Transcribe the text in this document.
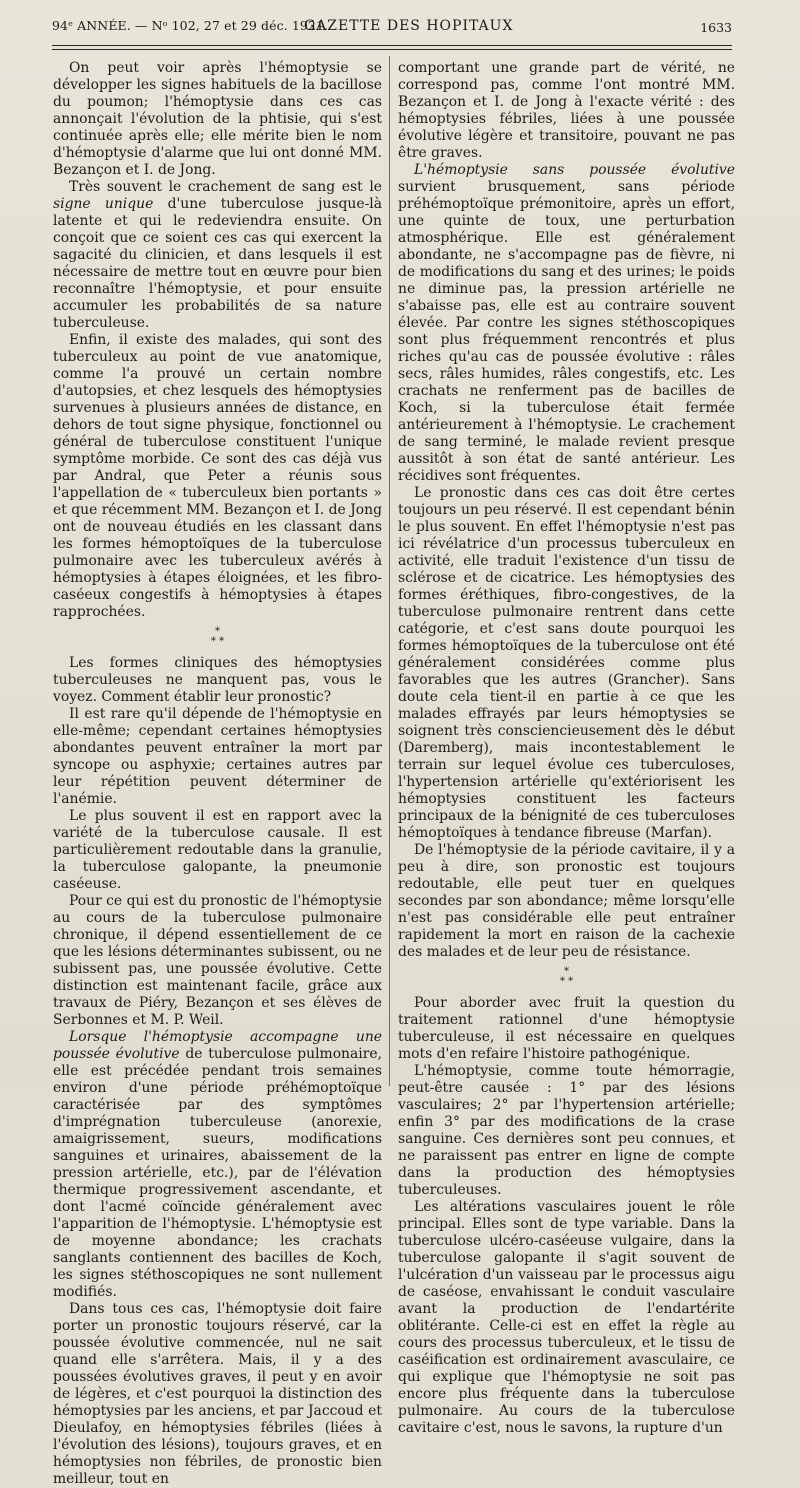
94ᵉ ANNÉE. — Nᵒ 102, 27 et 29 déc. 1921.
GAZETTE DES HOPITAUX	1633

On peut voir après l'hémoptysie se développer les signes habituels de la bacillose du poumon; l'hémoptysie dans ces cas annonçait l'évolution de la phtisie, qui s'est continuée après elle; elle mérite bien le nom d'hémoptysie d'alarme que lui ont donné MM. Bezançon et I. de Jong.

Très souvent le crachement de sang est le signe unique d'une tuberculose jusque-là latente et qui le redeviendra ensuite. On conçoit que ce soient ces cas qui exercent la sagacité du clinicien, et dans lesquels il est nécessaire de mettre tout en œuvre pour bien reconnaître l'hémoptysie, et pour ensuite accumuler les probabilités de sa nature tuberculeuse.

Enfin, il existe des malades, qui sont des tuberculeux au point de vue anatomique, comme l'a prouvé un certain nombre d'autopsies, et chez lesquels des hémoptysies survenues à plusieurs années de distance, en dehors de tout signe physique, fonctionnel ou général de tuberculose constituent l'unique symptôme morbide. Ce sont des cas déjà vus par Andral, que Peter a réunis sous l'appellation de « tuberculeux bien portants » et que récemment MM. Bezançon et I. de Jong ont de nouveau étudiés en les classant dans les formes hémoptoïques de la tuberculose pulmonaire avec les tuberculeux avérés à hémoptysies à étapes éloignées, et les fibro-caséeux congestifs à hémoptysies à étapes rapprochées.

*
* *

Les formes cliniques des hémoptysies tuberculeuses ne manquent pas, vous le voyez. Comment établir leur pronostic?

Il est rare qu'il dépende de l'hémoptysie en elle-même; cependant certaines hémoptysies abondantes peuvent entraîner la mort par syncope ou asphyxie; certaines autres par leur répétition peuvent déterminer de l'anémie.

Le plus souvent il est en rapport avec la variété de la tuberculose causale. Il est particulièrement redoutable dans la granulie, la tuberculose galopante, la pneumonie caséeuse.

Pour ce qui est du pronostic de l'hémoptysie au cours de la tuberculose pulmonaire chronique, il dépend essentiellement de ce que les lésions déterminantes subissent, ou ne subissent pas, une poussée évolutive. Cette distinction est maintenant facile, grâce aux travaux de Piéry, Bezançon et ses élèves de Serbonnes et M. P. Weil.

Lorsque l'hémoptysie accompagne une poussée évolutive de tuberculose pulmonaire, elle est précédée pendant trois semaines environ d'une période préhémoptoïque caractérisée par des symptômes d'imprégnation tuberculeuse (anorexie, amaigrissement, sueurs, modifications sanguines et urinaires, abaissement de la pression artérielle, etc.), par de l'élévation thermique progressivement ascendante, et dont l'acmé coïncide généralement avec l'apparition de l'hémoptysie. L'hémoptysie est de moyenne abondance; les crachats sanglants contiennent des bacilles de Koch, les signes stéthoscopiques ne sont nullement modifiés.

Dans tous ces cas, l'hémoptysie doit faire porter un pronostic toujours réservé, car la poussée évolutive commencée, nul ne sait quand elle s'arrêtera. Mais, il y a des poussées évolutives graves, il peut y en avoir de légères, et c'est pourquoi la distinction des hémoptysies par les anciens, et par Jaccoud et Dieulafoy, en hémoptysies fébriles (liées à l'évolution des lésions), toujours graves, et en hémoptysies non fébriles, de pronostic bien meilleur, tout en

comportant une grande part de vérité, ne correspond pas, comme l'ont montré MM. Bezançon et I. de Jong à l'exacte vérité : des hémoptysies fébriles, liées à une poussée évolutive légère et transitoire, pouvant ne pas être graves.

L'hémoptysie sans poussée évolutive survient brusquement, sans période préhémoptoïque prémonitoire, après un effort, une quinte de toux, une perturbation atmosphérique. Elle est généralement abondante, ne s'accompagne pas de fièvre, ni de modifications du sang et des urines; le poids ne diminue pas, la pression artérielle ne s'abaisse pas, elle est au contraire souvent élevée. Par contre les signes stéthoscopiques sont plus fréquemment rencontrés et plus riches qu'au cas de poussée évolutive : râles secs, râles humides, râles congestifs, etc. Les crachats ne renferment pas de bacilles de Koch, si la tuberculose était fermée antérieurement à l'hémoptysie. Le crachement de sang terminé, le malade revient presque aussitôt à son état de santé antérieur. Les récidives sont fréquentes.

Le pronostic dans ces cas doit être certes toujours un peu réservé. Il est cependant bénin le plus souvent. En effet l'hémoptysie n'est pas ici révélatrice d'un processus tuberculeux en activité, elle traduit l'existence d'un tissu de sclérose et de cicatrice. Les hémoptysies des formes éréthiques, fibro-congestives, de la tuberculose pulmonaire rentrent dans cette catégorie, et c'est sans doute pourquoi les formes hémoptoïques de la tuberculose ont été généralement considérées comme plus favorables que les autres (Grancher). Sans doute cela tient-il en partie à ce que les malades effrayés par leurs hémoptysies se soignent très consciencieusement dès le début (Daremberg), mais incontestablement le terrain sur lequel évolue ces tuberculoses, l'hypertension artérielle qu'extériorisent les hémoptysies constituent les facteurs principaux de la bénignité de ces tuberculoses hémoptoïques à tendance fibreuse (Marfan).

De l'hémoptysie de la période cavitaire, il y a peu à dire, son pronostic est toujours redoutable, elle peut tuer en quelques secondes par son abondance; même lorsqu'elle n'est pas considérable elle peut entraîner rapidement la mort en raison de la cachexie des malades et de leur peu de résistance.

*
* *

Pour aborder avec fruit la question du traitement rationnel d'une hémoptysie tuberculeuse, il est nécessaire en quelques mots d'en refaire l'histoire pathogénique.

L'hémoptysie, comme toute hémorragie, peut-être causée : 1° par des lésions vasculaires; 2° par l'hypertension artérielle; enfin 3° par des modifications de la crase sanguine. Ces dernières sont peu connues, et ne paraissent pas entrer en ligne de compte dans la production des hémoptysies tuberculeuses.

Les altérations vasculaires jouent le rôle principal. Elles sont de type variable. Dans la tuberculose ulcéro-caséeuse vulgaire, dans la tuberculose galopante il s'agit souvent de l'ulcération d'un vaisseau par le processus aigu de caséose, envahissant le conduit vasculaire avant la production de l'endartérite oblitérante. Celle-ci est en effet la règle au cours des processus tuberculeux, et le tissu de caséification est ordinairement avasculaire, ce qui explique que l'hémoptysie ne soit pas encore plus fréquente dans la tuberculose pulmonaire. Au cours de la tuberculose cavitaire c'est, nous le savons, la rupture d'un
